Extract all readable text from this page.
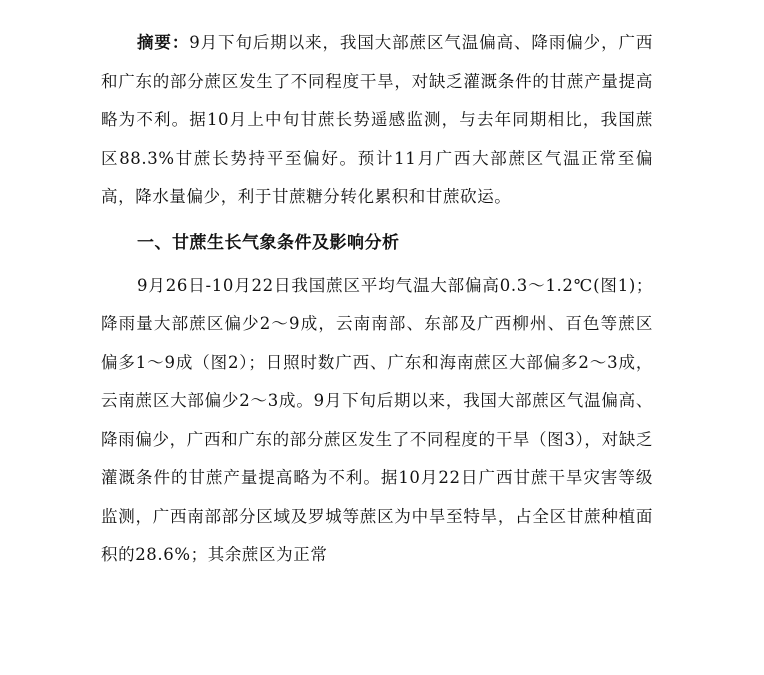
摘要：9月下旬后期以来，我国大部蔗区气温偏高、降雨偏少，广西和广东的部分蔗区发生了不同程度干旱，对缺乏灌溉条件的甘蔗产量提高略为不利。据10月上中旬甘蔗长势遥感监测，与去年同期相比，我国蔗区88.3%甘蔗长势持平至偏好。预计11月广西大部蔗区气温正常至偏高，降水量偏少，利于甘蔗糖分转化累积和甘蔗砍运。

一、甘蔗生长气象条件及影响分析

9月26日-10月22日我国蔗区平均气温大部偏高0.3～1.2℃(图1)；降雨量大部蔗区偏少2～9成，云南南部、东部及广西柳州、百色等蔗区偏多1～9成（图2）；日照时数广西、广东和海南蔗区大部偏多2～3成，云南蔗区大部偏少2～3成。9月下旬后期以来，我国大部蔗区气温偏高、降雨偏少，广西和广东的部分蔗区发生了不同程度的干旱（图3），对缺乏灌溉条件的甘蔗产量提高略为不利。据10月22日广西甘蔗干旱灾害等级监测，广西南部部分区域及罗城等蔗区为中旱至特旱，占全区甘蔗种植面积的28.6%；其余蔗区为正常
